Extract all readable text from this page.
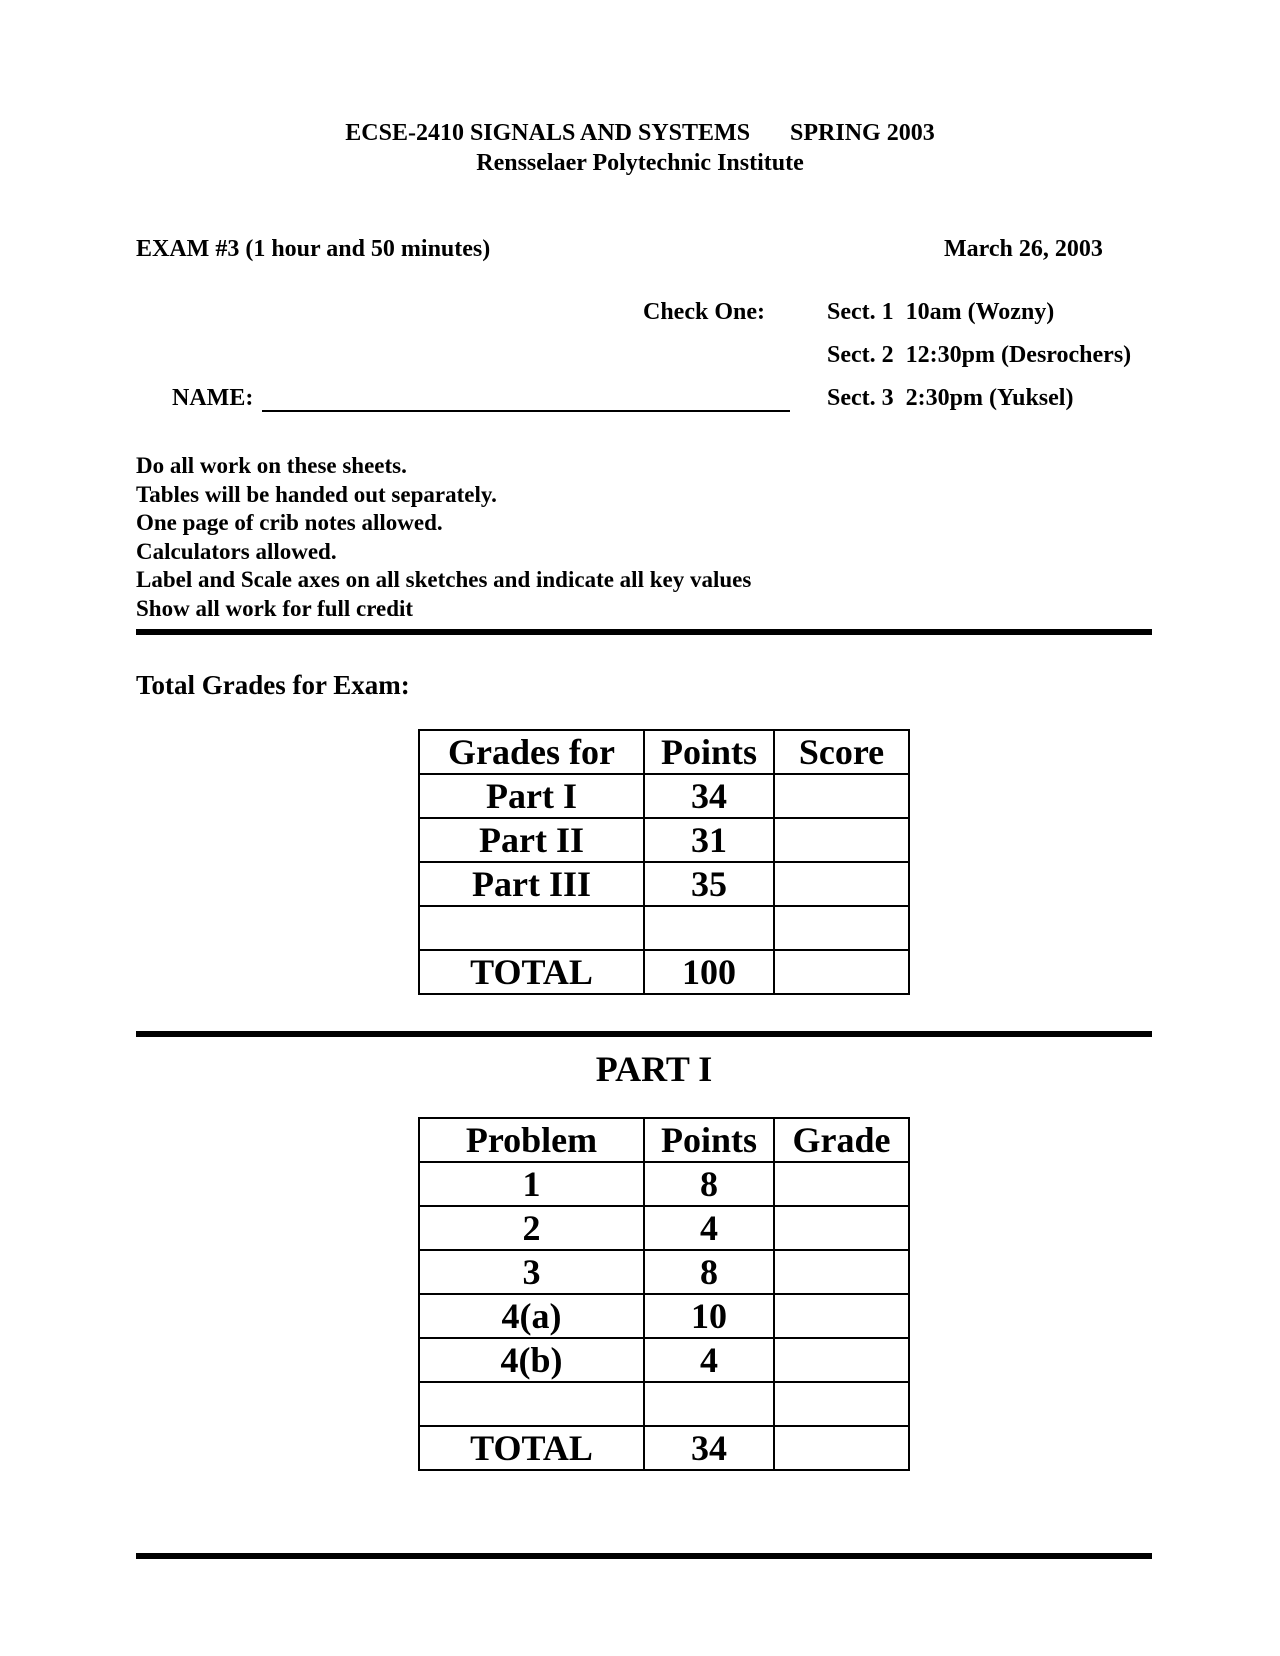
ECSE-2410 SIGNALS AND SYSTEMS SPRING 2003
Rensselaer Polytechnic Institute
EXAM #3 (1 hour and 50 minutes)	March 26, 2003
Check One:	Sect. 1  10am (Wozny)
Sect. 2  12:30pm (Desrochers)
Sect. 3  2:30pm (Yuksel)
NAME:
Do all work on these sheets.
Tables will be handed out separately.
One page of crib notes allowed.
Calculators allowed.
Label and Scale axes on all sketches and indicate all key values
Show all work for full credit
Total Grades for Exam:
Grades for	Points	Score
Part I	34	
Part II	31	
Part III	35	

TOTAL	100	
PART I
Problem	Points	Grade
1	8	
2	4	
3	8	
4(a)	10	
4(b)	4	

TOTAL	34	
